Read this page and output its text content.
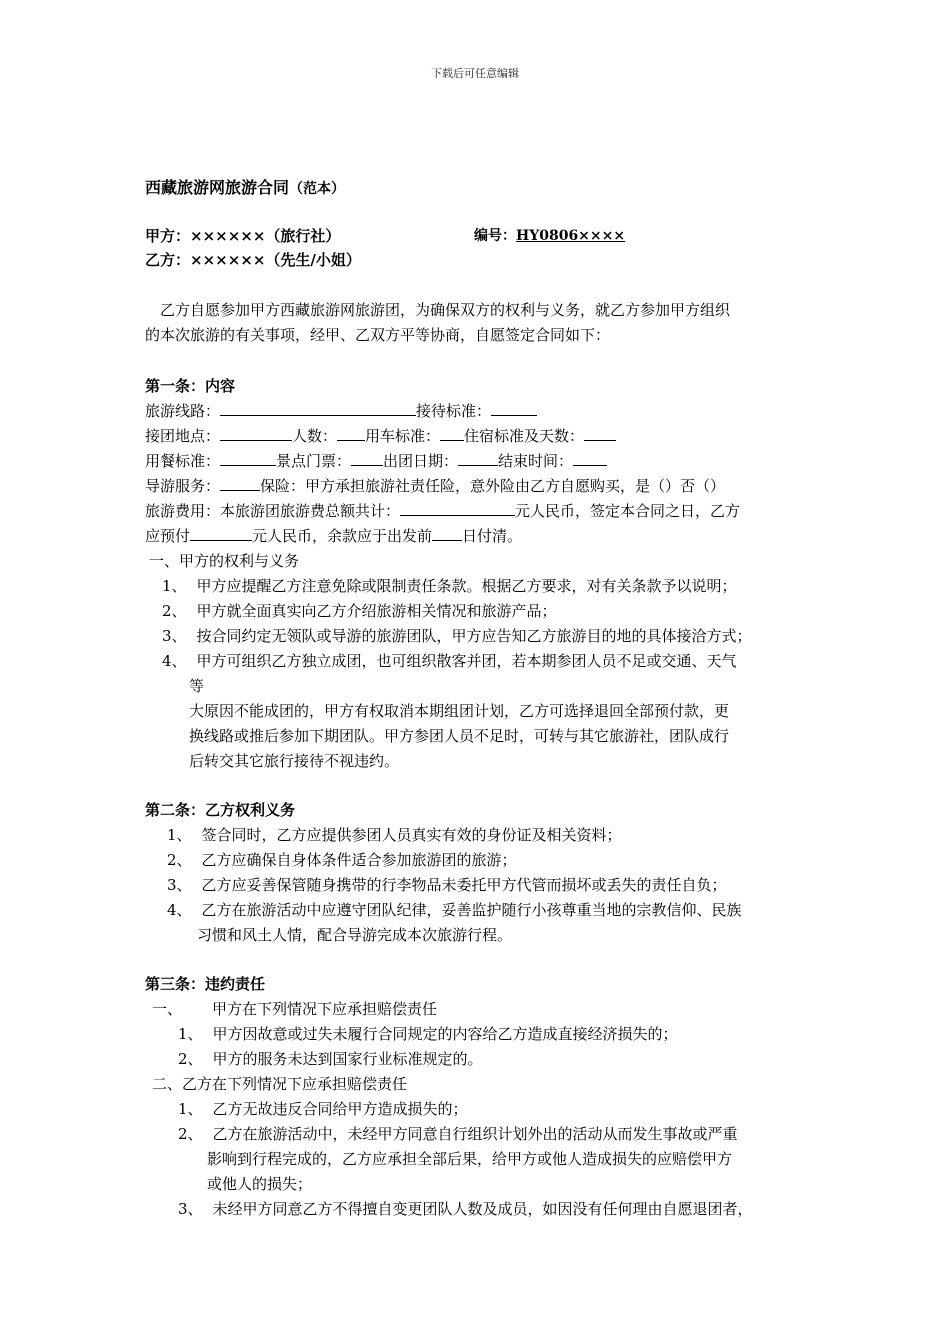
下载后可任意编辑
西藏旅游网旅游合同（范本）
甲方：××××××（旅行社）	编号：HY0806××××
乙方：××××××（先生/小姐）
乙方自愿参加甲方西藏旅游网旅游团，为确保双方的权利与义务，就乙方参加甲方组织
的本次旅游的有关事项，经甲、乙双方平等协商，自愿签定合同如下：
第一条：内容
旅游线路：	接待标准：
接团地点：	人数： 用车标准： 住宿标准及天数：
用餐标准：	景点门票： 出团日期：	结束时间：
导游服务：	保险：甲方承担旅游社责任险，意外险由乙方自愿购买，是（）否（）
旅游费用：本旅游团旅游费总额共计：	元人民币，签定本合同之日，乙方
应预付	元人民币，余款应于出发前 日付清。
一、甲方的权利与义务
1、 甲方应提醒乙方注意免除或限制责任条款。根据乙方要求，对有关条款予以说明；
2、 甲方就全面真实向乙方介绍旅游相关情况和旅游产品；
3、 按合同约定无领队或导游的旅游团队，甲方应告知乙方旅游目的地的具体接洽方式；
4、 甲方可组织乙方独立成团，也可组织散客并团，若本期参团人员不足或交通、天气
等
大原因不能成团的，甲方有权取消本期组团计划，乙方可选择退回全部预付款，更
换线路或推后参加下期团队。甲方参团人员不足时，可转与其它旅游社，团队成行
后转交其它旅行接待不视违约。
第二条：乙方权利义务
1、 签合同时，乙方应提供参团人员真实有效的身份证及相关资料；
2、 乙方应确保自身体条件适合参加旅游团的旅游；
3、 乙方应妥善保管随身携带的行李物品未委托甲方代管而损坏或丢失的责任自负；
4、 乙方在旅游活动中应遵守团队纪律，妥善监护随行小孩尊重当地的宗教信仰、民族
习惯和风土人情，配合导游完成本次旅游行程。
第三条：违约责任
一、 甲方在下列情况下应承担赔偿责任
1、 甲方因故意或过失未履行合同规定的内容给乙方造成直接经济损失的；
2、 甲方的服务未达到国家行业标准规定的。
二、乙方在下列情况下应承担赔偿责任
1、 乙方无故违反合同给甲方造成损失的；
2、 乙方在旅游活动中，未经甲方同意自行组织计划外出的活动从而发生事故或严重
影响到行程完成的，乙方应承担全部后果，给甲方或他人造成损失的应赔偿甲方
或他人的损失；
3、 未经甲方同意乙方不得擅自变更团队人数及成员，如因没有任何理由自愿退团者，
